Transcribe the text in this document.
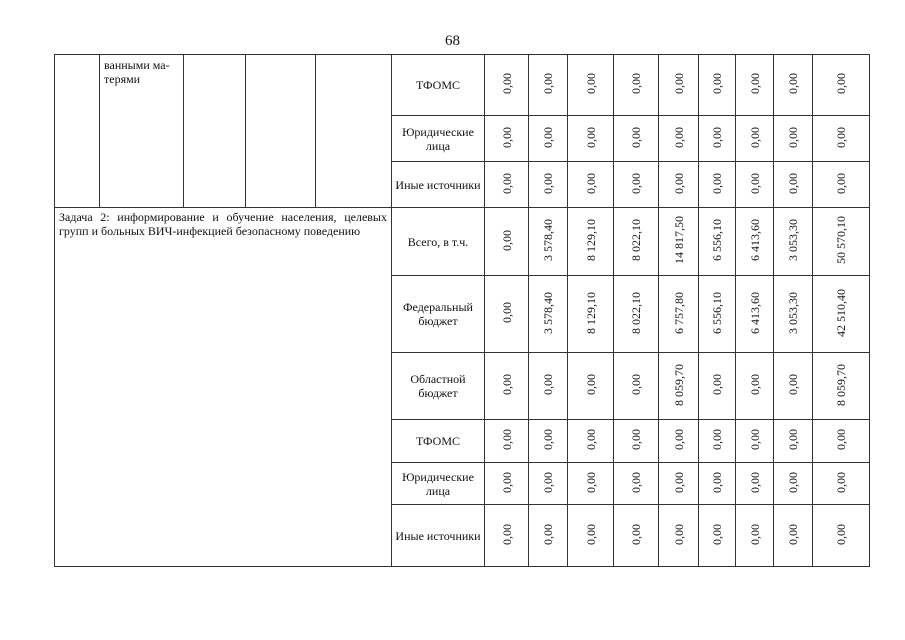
68
	ванными ма-
терями				ТФОМС	0,00	0,00	0,00	0,00	0,00	0,00	0,00	0,00	0,00
					Юридические лица	0,00	0,00	0,00	0,00	0,00	0,00	0,00	0,00	0,00
					Иные источники	0,00	0,00	0,00	0,00	0,00	0,00	0,00	0,00	0,00
Задача 2: информирование и обучение населения, целевых групп и больных ВИЧ-инфекцией безопасному поведению					Всего, в т.ч.	0,00	3 578,40	8 129,10	8 022,10	14 817,50	6 556,10	6 413,60	3 053,30	50 570,10
					Федеральный бюджет	0,00	3 578,40	8 129,10	8 022,10	6 757,80	6 556,10	6 413,60	3 053,30	42 510,40
					Областной бюджет	0,00	0,00	0,00	0,00	8 059,70	0,00	0,00	0,00	8 059,70
					ТФОМС	0,00	0,00	0,00	0,00	0,00	0,00	0,00	0,00	0,00
					Юридические лица	0,00	0,00	0,00	0,00	0,00	0,00	0,00	0,00	0,00
					Иные источники	0,00	0,00	0,00	0,00	0,00	0,00	0,00	0,00	0,00
